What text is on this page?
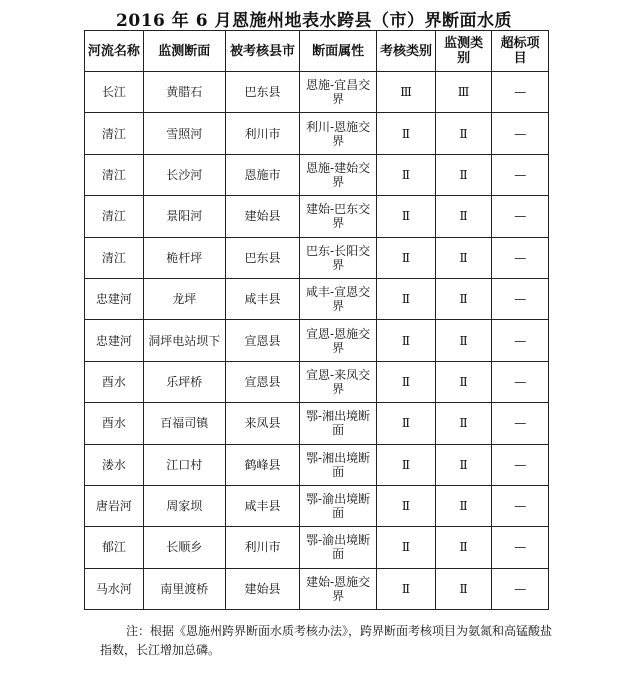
2016 年 6 月恩施州地表水跨县（市）界断面水质
河流名称	监测断面	被考核县市	断面属性	考核类别	监测类别	超标项目
长江	黄腊石	巴东县	恩施-宜昌交界	Ⅲ	Ⅲ	—
清江	雪照河	利川市	利川-恩施交界	Ⅱ	Ⅱ	—
清江	长沙河	恩施市	恩施-建始交界	Ⅱ	Ⅱ	—
清江	景阳河	建始县	建始-巴东交界	Ⅱ	Ⅱ	—
清江	桅杆坪	巴东县	巴东-长阳交界	Ⅱ	Ⅱ	—
忠建河	龙坪	咸丰县	咸丰-宣恩交界	Ⅱ	Ⅱ	—
忠建河	洞坪电站坝下	宣恩县	宣恩-恩施交界	Ⅱ	Ⅱ	—
酉水	乐坪桥	宣恩县	宣恩-来凤交界	Ⅱ	Ⅱ	—
酉水	百福司镇	来凤县	鄂-湘出境断面	Ⅱ	Ⅱ	—
溇水	江口村	鹤峰县	鄂-湘出境断面	Ⅱ	Ⅱ	—
唐岩河	周家坝	咸丰县	鄂-渝出境断面	Ⅱ	Ⅱ	—
郁江	长顺乡	利川市	鄂-渝出境断面	Ⅱ	Ⅱ	—
马水河	南里渡桥	建始县	建始-恩施交界	Ⅱ	Ⅱ	—
注：根据《恩施州跨界断面水质考核办法》，跨界断面考核项目为氨氮和高锰酸盐指数，长江增加总磷。
